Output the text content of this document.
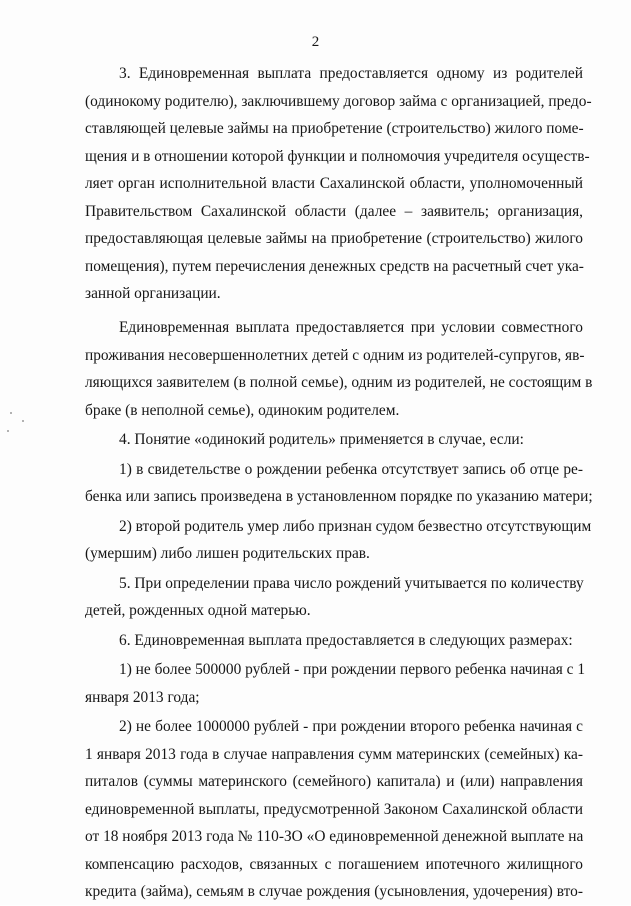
2
3. Единовременная выплата предоставляется одному из родителей
(одинокому родителю), заключившему договор займа с организацией, предо-
ставляющей целевые займы на приобретение (строительство) жилого поме-
щения и в отношении которой функции и полномочия учредителя осуществ-
ляет орган исполнительной власти Сахалинской области, уполномоченный
Правительством Сахалинской области (далее – заявитель; организация,
предоставляющая целевые займы на приобретение (строительство) жилого
помещения), путем перечисления денежных средств на расчетный счет ука-
занной организации.
Единовременная выплата предоставляется при условии совместного
проживания несовершеннолетних детей с одним из родителей-супругов, яв-
ляющихся заявителем (в полной семье), одним из родителей, не состоящим в
браке (в неполной семье), одиноким родителем.
4. Понятие «одинокий родитель» применяется в случае, если:
1) в свидетельстве о рождении ребенка отсутствует запись об отце ре-
бенка или запись произведена в установленном порядке по указанию матери;
2) второй родитель умер либо признан судом безвестно отсутствующим
(умершим) либо лишен родительских прав.
5. При определении права число рождений учитывается по количеству
детей, рожденных одной матерью.
6. Единовременная выплата предоставляется в следующих размерах:
1) не более 500000 рублей - при рождении первого ребенка начиная с 1
января 2013 года;
2) не более 1000000 рублей - при рождении второго ребенка начиная с
1 января 2013 года в случае направления сумм материнских (семейных) ка-
питалов (суммы материнского (семейного) капитала) и (или) направления
единовременной выплаты, предусмотренной Законом Сахалинской области
от 18 ноября 2013 года № 110-ЗО «О единовременной денежной выплате на
компенсацию расходов, связанных с погашением ипотечного жилищного
кредита (займа), семьям в случае рождения (усыновления, удочерения) вто-
